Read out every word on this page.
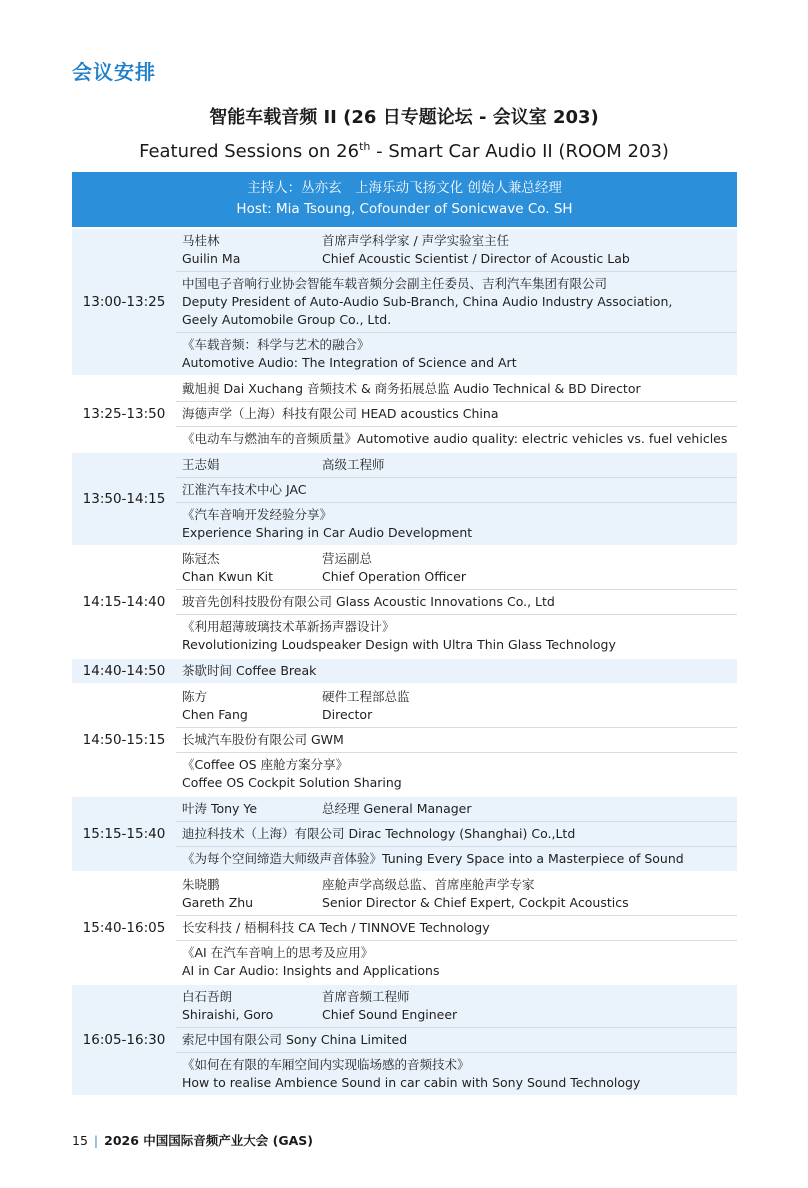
会议安排
智能车载音频 II (26 日专题论坛 - 会议室 203)
Featured Sessions on 26th - Smart Car Audio II (ROOM 203)
主持人：丛亦玄　上海乐动飞扬文化 创始人兼总经理
Host: Mia Tsoung, Cofounder of Sonicwave Co. SH
13:00-13:25
马桂林	首席声学科学家 / 声学实验室主任
Guilin Ma	Chief Acoustic Scientist / Director of Acoustic Lab
中国电子音响行业协会智能车载音频分会副主任委员、吉利汽车集团有限公司
Deputy President of Auto-Audio Sub-Branch, China Audio Industry Association,
Geely Automobile Group Co., Ltd.
《车载音频：科学与艺术的融合》
Automotive Audio: The Integration of Science and Art
13:25-13:50
戴旭昶 Dai Xuchang 音频技术 & 商务拓展总监 Audio Technical & BD Director
海德声学（上海）科技有限公司 HEAD acoustics China
《电动车与燃油车的音频质量》Automotive audio quality: electric vehicles vs. fuel vehicles
13:50-14:15
王志娟	高级工程师
江淮汽车技术中心 JAC
《汽车音响开发经验分享》
Experience Sharing in Car Audio Development
14:15-14:40
陈冠杰	营运副总
Chan Kwun Kit	Chief Operation Officer
玻音先创科技股份有限公司 Glass Acoustic Innovations Co., Ltd
《利用超薄玻璃技术革新扬声器设计》
Revolutionizing Loudspeaker Design with Ultra Thin Glass Technology
14:40-14:50	茶歇时间 Coffee Break
14:50-15:15
陈方	硬件工程部总监
Chen Fang	Director
长城汽车股份有限公司 GWM
《Coffee OS 座舱方案分享》
Coffee OS Cockpit Solution Sharing
15:15-15:40
叶涛 Tony Ye	总经理 General Manager
迪拉科技术（上海）有限公司 Dirac Technology (Shanghai) Co.,Ltd
《为每个空间缔造大师级声音体验》Tuning Every Space into a Masterpiece of Sound
15:40-16:05
朱晓鹏	座舱声学高级总监、首席座舱声学专家
Gareth Zhu	Senior Director & Chief Expert, Cockpit Acoustics
长安科技 / 梧桐科技 CA Tech / TINNOVE Technology
《AI 在汽车音响上的思考及应用》
AI in Car Audio: Insights and Applications
16:05-16:30
白石吾朗	首席音频工程师
Shiraishi, Goro	Chief Sound Engineer
索尼中国有限公司 Sony China Limited
《如何在有限的车厢空间内实现临场感的音频技术》
How to realise Ambience Sound in car cabin with Sony Sound Technology
15 | 2026 中国国际音频产业大会 (GAS)
